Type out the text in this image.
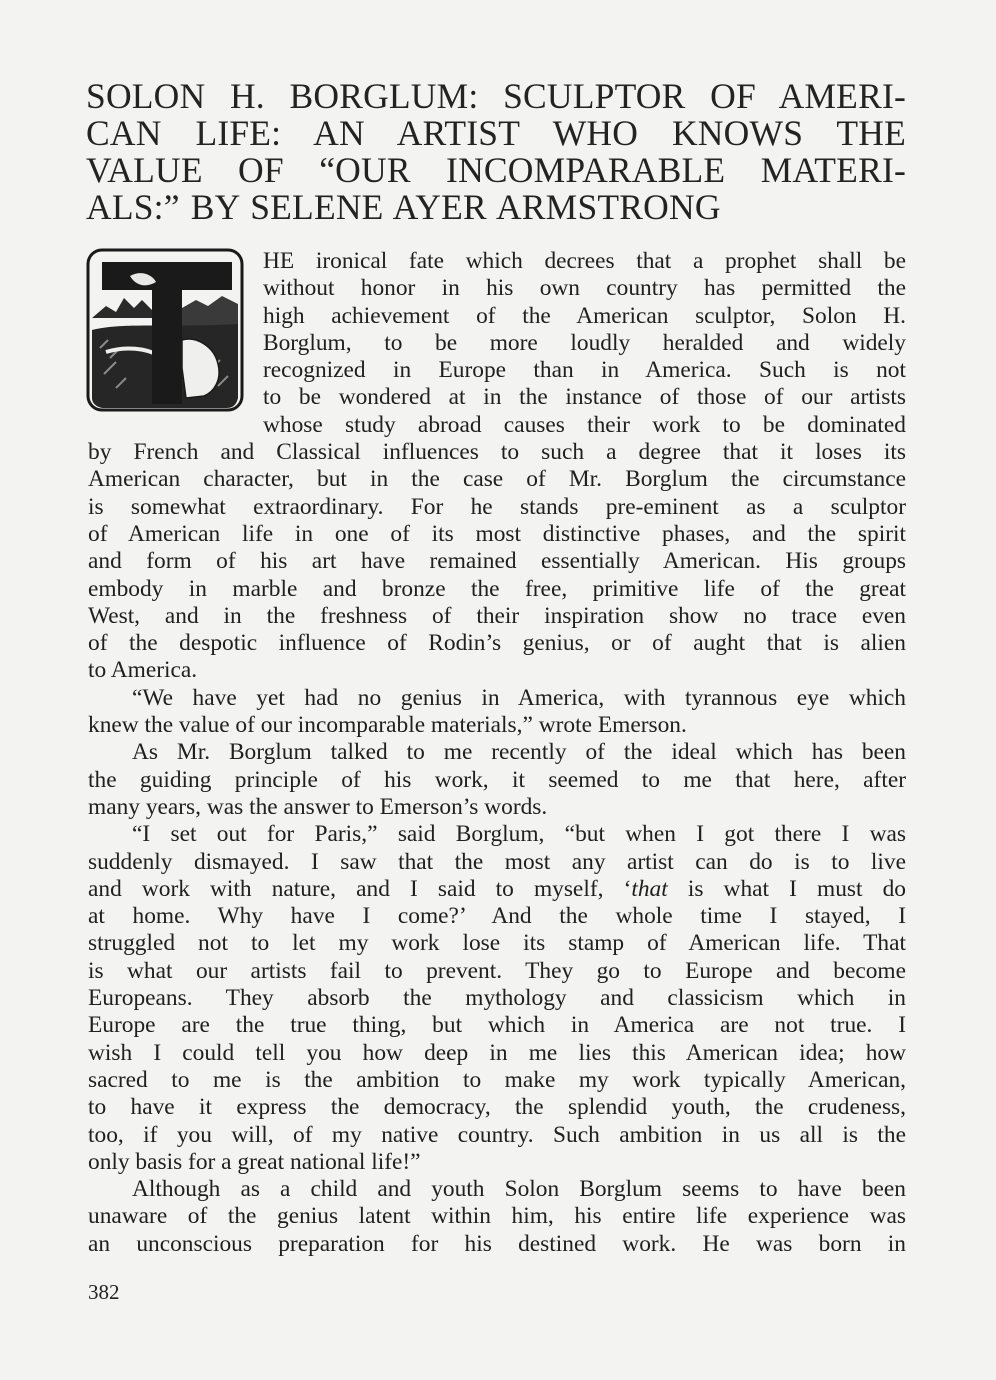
SOLON H. BORGLUM: SCULPTOR OF AMERI-
CAN LIFE: AN ARTIST WHO KNOWS THE
VALUE OF “OUR INCOMPARABLE MATERI-
ALS:” BY SELENE AYER ARMSTRONG
T	HE ironical fate which decrees that a prophet shall be
without honor in his own country has permitted the
high achievement of the American sculptor, Solon H.
Borglum, to be more loudly heralded and widely
recognized in Europe than in America. Such is not
to be wondered at in the instance of those of our artists
whose study abroad causes their work to be dominated
by French and Classical influences to such a degree that it loses its
American character, but in the case of Mr. Borglum the circumstance
is somewhat extraordinary. For he stands pre-eminent as a sculptor
of American life in one of its most distinctive phases, and the spirit
and form of his art have remained essentially American. His groups
embody in marble and bronze the free, primitive life of the great
West, and in the freshness of their inspiration show no trace even
of the despotic influence of Rodin’s genius, or of aught that is alien
to America.
“We have yet had no genius in America, with tyrannous eye which
knew the value of our incomparable materials,” wrote Emerson.
As Mr. Borglum talked to me recently of the ideal which has been
the guiding principle of his work, it seemed to me that here, after
many years, was the answer to Emerson’s words.
“I set out for Paris,” said Borglum, “but when I got there I was
suddenly dismayed. I saw that the most any artist can do is to live
and work with nature, and I said to myself, ‘that is what I must do
at home. Why have I come?’ And the whole time I stayed, I
struggled not to let my work lose its stamp of American life. That
is what our artists fail to prevent. They go to Europe and become
Europeans. They absorb the mythology and classicism which in
Europe are the true thing, but which in America are not true. I
wish I could tell you how deep in me lies this American idea; how
sacred to me is the ambition to make my work typically American,
to have it express the democracy, the splendid youth, the crudeness,
too, if you will, of my native country. Such ambition in us all is the
only basis for a great national life!”
Although as a child and youth Solon Borglum seems to have been
unaware of the genius latent within him, his entire life experience was
an unconscious preparation for his destined work. He was born in
382
